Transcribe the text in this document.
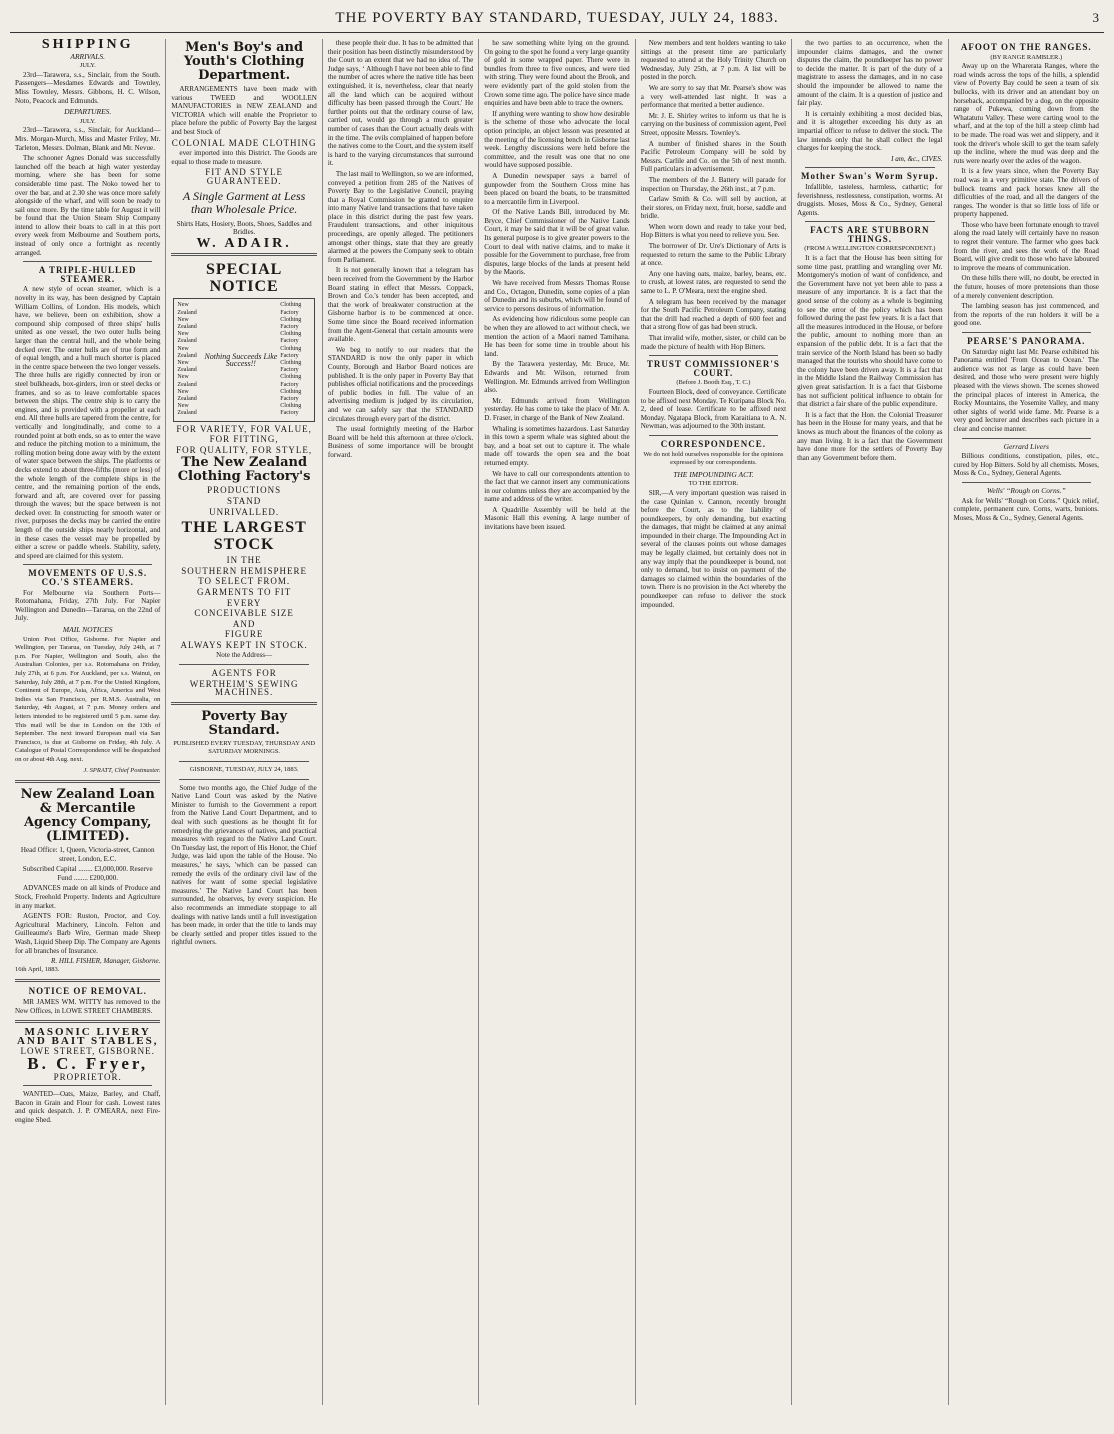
THE POVERTY BAY STANDARD, TUESDAY, JULY 24, 1883.	3
SHIPPING
ARRIVALS.
JULY.

23rd—Tarawera, s.s., Sinclair, from the South. Passengers—Mesdames Edwards and Townley, Miss Townley, Messrs. Gibbons, H. C. Wilson, Noto, Peacock and Edmunds.

DEPARTURES.
JULY.

23rd—Tarawera, s.s., Sinclair, for Auckland—Mrs. Morgan-Murch, Miss and Master Friley, Mr. Tarleton, Messrs. Dolman, Blank and Mr. Nevue.

The schooner Agnes Donald was successfully launched off the beach at high water yesterday morning, where she has been for some considerable time past. The Noko towed her to over the bar, and at 2.30 she was once more safely alongside of the wharf, and will soon be ready to sail once more. By the time table for August it will be found that the Union Steam Ship Company intend to allow their boats to call in at this port every week from Melbourne and Southern ports, instead of only once a fortnight as recently arranged.

A TRIPLE-HULLED STEAMER.

A new style of ocean steamer, which is a novelty in its way, has been designed by Captain William Collins, of London. His models, which have, we believe, been on exhibition, show a compound ship composed of three ships' hulls united as one vessel, the two outer hulls being larger than the central hull, and the whole being decked over. The outer hulls are of true form and of equal length, and a hull much shorter is placed in the centre space between the two longer vessels. The three hulls are rigidly connected by iron or steel bulkheads, box-girders, iron or steel decks or frames, and so as to leave comfortable spaces between the ships. The centre ship is to carry the engines, and is provided with a propeller at each end. All three hulls are tapered from the centre, for vertically and longitudinally, and come to a rounded point at both ends, so as to enter the wave and reduce the pitching motion to a minimum, the rolling motion being done away with by the extent of water space between the ships. The platforms or decks extend to about three-fifths (more or less) of the whole length of the complete ships in the centre, and the remaining portion of the ends, forward and aft, are covered over for passing through the waves; but the space between is not decked over. In constructing for smooth water or river, purposes the decks may be carried the entire length of the outside ships nearly horizontal, and in these cases the vessel may be propelled by either a screw or paddle wheels. Stability, safety, and speed are claimed for this system.

MOVEMENTS OF U.S.S. CO.'S STEAMERS.

For Melbourne via Southern Ports—Rotomahana, Friday, 27th July. For Napier Wellington and Dunedin—Tararua, on the 22nd of July.

MAIL NOTICES

Union Post Office, Gisborne. For Napier and Wellington, per Tararua, on Tuesday, July 24th, at 7 p.m. For Napier, Wellington and South, also the Australian Colonies, per s.s. Rotomahana on Friday, July 27th, at 6 p.m. For Auckland, per s.s. Wainui, on Saturday, July 28th, at 7 p.m. For the United Kingdom, Continent of Europe, Asia, Africa, America and West Indies via San Francisco, per R.M.S. Australia, on Saturday, 4th August, at 7 p.m. Money orders and letters intended to be registered until 5 p.m. same day. This mail will be due in London on the 13th of September. The next inward European mail via San Francisco, is due at Gisborne on Friday, 4th July. A Catalogue of Postal Correspondence will be despatched on or about 4th Aug. next.

J. SPRATT, Chief Postmaster.
New Zealand Loan & Mercantile Agency Company, (LIMITED).

Head Office: 1, Queen, Victoria-street, Cannon street, London, E.C.

Subscribed Capital ........ £3,000,000. Reserve Fund ........ £200,000.

ADVANCES made on all kinds of Produce and Stock, Freehold Property. Indents and Agriculture in any market.

AGENTS FOR: Ruston, Proctor, and Coy. Agricultural Machinery, Lincoln. Felton and Guilleaume's Barb Wire, German made Sheep Wash, Liquid Sheep Dip. The Company are Agents for all branches of Insurance.

R. HILL FISHER, Manager, Gisborne.
16th April, 1883.
NOTICE OF REMOVAL.

MR JAMES WM. WITTY has removed to the New Offices, in LOWE STREET CHAMBERS.

MASONIC LIVERY AND BAIT STABLES,
LOWE STREET, GISBORNE.
B. C. Fryer,
PROPRIETOR.

WANTED—Oats, Maize, Barley, and Chaff, Bacon in Grain and Flour for cash. Lowest rates and quick despatch. J. P. O'MEARA, next Fire-engine Shed.

Men's Boy's and Youth's Clothing Department.

ARRANGEMENTS have been made with various TWEED and WOOLLEN MANUFACTORIES in NEW ZEALAND and VICTORIA which will enable the Proprietor to place before the public of Poverty Bay the largest and best Stock of

COLONIAL MADE CLOTHING

ever imported into this District. The Goods are equal to those made to measure.

FIT AND STYLE GUARANTEED.
A Single Garment at Less than Wholesale Price.

Shirts Hats, Hosiery, Boots, Shoes, Saddles and Bridles.

W. ADAIR.
SPECIAL NOTICE
New Zealand
New Zealand
New Zealand
New Zealand
New Zealand
New Zealand
New Zealand
New Zealand
Nothing Succeeds Like Success!!
Clothing Factory
Clothing Factory
Clothing Factory
Clothing Factory
Clothing Factory
Clothing Factory
Clothing Factory
Clothing Factory
FOR VARIETY, FOR VALUE,
FOR FITTING,
FOR QUALITY, FOR STYLE,
The New Zealand Clothing Factory's
PRODUCTIONS
STAND
UNRIVALLED.
THE LARGEST STOCK
IN THE
SOUTHERN HEMISPHERE
TO SELECT FROM.
GARMENTS TO FIT
EVERY
CONCEIVABLE SIZE
AND
FIGURE
ALWAYS KEPT IN STOCK.
Note the Address—
AGENTS FOR
WERTHEIM'S SEWING MACHINES.
Poverty Bay Standard.
PUBLISHED EVERY TUESDAY, THURSDAY AND SATURDAY MORNINGS.
GISBORNE, TUESDAY, JULY 24, 1883.

Some two months ago, the Chief Judge of the Native Land Court was asked by the Native Minister to furnish to the Government a report from the Native Land Court Department, and to deal with such questions as he thought fit for remedying the grievances of natives, and practical measures with regard to the Native Land Court. On Tuesday last, the report of His Honor, the Chief Judge, was laid upon the table of the House. 'No measures,' he says, 'which can be passed can remedy the evils of the ordinary civil law of the natives for want of some special legislative measures.' The Native Land Court has been surrounded, he observes, by every suspicion. He also recommends an immediate stoppage to all dealings with native lands until a full investigation has been made, in order that the title to lands may be clearly settled and proper titles issued to the rightful owners.

these people their due. It has to be admitted that their position has been distinctly misunderstood by the Court to an extent that we had no idea of. The Judge says, ‘ Although I have not been able to find the number of acres where the native title has been extinguished, it is, nevertheless, clear that nearly all the land which can be acquired without difficulty has been passed through the Court.' He further points out that the ordinary course of law, carried out, would go through a much greater number of cases than the Court actually deals with in the time. The evils complained of happen before the natives come to the Court, and the system itself is hard to the varying circumstances that surround it.

The last mail to Wellington, so we are informed, conveyed a petition from 285 of the Natives of Poverty Bay to the Legislative Council, praying that a Royal Commission be granted to enquire into many Native land transactions that have taken place in this district during the past few years. Fraudulent transactions, and other iniquitous proceedings, are openly alleged. The petitioners amongst other things, state that they are greatly alarmed at the powers the Company seek to obtain from Parliament.

It is not generally known that a telegram has been received from the Government by the Harbor Board stating in effect that Messrs. Coppack, Brown and Co.'s tender has been accepted, and that the work of breakwater construction at the Gisborne harbor is to be commenced at once. Some time since the Board received information from the Agent-General that certain amounts were available.

We beg to notify to our readers that the STANDARD is now the only paper in which County, Borough and Harbor Board notices are published. It is the only paper in Poverty Bay that publishes official notifications and the proceedings of public bodies in full. The value of an advertising medium is judged by its circulation, and we can safely say that the STANDARD circulates through every part of the district.

The usual fortnightly meeting of the Harbor Board will be held this afternoon at three o'clock. Business of some importance will be brought forward.

he saw something white lying on the ground. On going to the spot he found a very large quantity of gold in some wrapped paper. There were in bundles from three to five ounces, and were tied with string. They were found about the Brook, and were evidently part of the gold stolen from the Crown some time ago. The police have since made enquiries and have been able to trace the owners.

If anything were wanting to show how desirable is the scheme of those who advocate the local option principle, an object lesson was presented at the meeting of the licensing bench in Gisborne last week. Lengthy discussions were held before the committee, and the result was one that no one would have supposed possible.

A Dunedin newspaper says a barrel of gunpowder from the Southern Cross mine has been placed on board the boats, to be transmitted to a mercantile firm in Liverpool.

Of the Native Lands Bill, introduced by Mr. Bryce, Chief Commissioner of the Native Lands Court, it may be said that it will be of great value. Its general purpose is to give greater powers to the Court to deal with native claims, and to make it possible for the Government to purchase, free from disputes, large blocks of the lands at present held by the Maoris.

We have received from Messrs Thomas Rouse and Co., Octagon, Dunedin, some copies of a plan of Dunedin and its suburbs, which will be found of service to persons desirous of information.

As evidencing how ridiculous some people can be when they are allowed to act without check, we mention the action of a Maori named Tamihana. He has been for some time in trouble about his land.

By the Tarawera yesterday, Mr. Bruce, Mr. Edwards and Mr. Wilson, returned from Wellington. Mr. Edmunds arrived from Wellington also.

Mr. Edmunds arrived from Wellington yesterday. He has come to take the place of Mr. A. D. Fraser, in charge of the Bank of New Zealand.

Whaling is sometimes hazardous. Last Saturday in this town a sperm whale was sighted about the bay, and a boat set out to capture it. The whale made off towards the open sea and the boat returned empty.

We have to call our correspondents attention to the fact that we cannot insert any communications in our columns unless they are accompanied by the name and address of the writer.

A Quadrille Assembly will be held at the Masonic Hall this evening. A large number of invitations have been issued.

New members and tent holders wanting to take sittings at the present time are particularly requested to attend at the Holy Trinity Church on Wednesday, July 25th, at 7 p.m. A list will be posted in the porch.

We are sorry to say that Mr. Pearse's show was a very well-attended last night. It was a performance that merited a better audience.

Mr. J. E. Shirley writes to inform us that he is carrying on the business of commission agent, Peel Street, opposite Messrs. Townley's.

A number of finished shares in the South Pacific Petroleum Company will be sold by Messrs. Carlile and Co. on the 5th of next month. Full particulars in advertisement.

The members of the J. Battery will parade for inspection on Thursday, the 26th inst., at 7 p.m.

Carlaw Smith & Co. will sell by auction, at their stores, on Friday next, fruit, horse, saddle and bridle.

When worn down and ready to take your bed, Hop Bitters is what you need to relieve you. See.

The borrower of Dr. Ure's Dictionary of Arts is requested to return the same to the Public Library at once.

Any one having oats, maize, barley, beans, etc. to crush, at lowest rates, are requested to send the same to L. P. O'Meara, next the engine shed.

A telegram has been received by the manager for the South Pacific Petroleum Company, stating that the drill had reached a depth of 600 feet and that a strong flow of gas had been struck.

That invalid wife, mother, sister, or child can be made the picture of health with Hop Bitters.

TRUST COMMISSIONER'S COURT.
(Before J. Booth Esq., T. C.)

Fourteen Block, deed of conveyance. Certificate to be affixed next Monday. Te Kuripana Block No. 2, deed of lease. Certificate to be affixed next Monday. Ngatapa Block, from Karaitiana to A. N. Newman, was adjourned to the 30th instant.

CORRESPONDENCE.
We do not hold ourselves responsible for the opinions expressed by our correspondents.
THE IMPOUNDING ACT.
TO THE EDITOR.

SIR,—A very important question was raised in the case Quinlan v. Cannon, recently brought before the Court, as to the liability of poundkeepers, by only demanding, but exacting the damages, that might be claimed at any animal impounded in their charge. The Impounding Act in several of the clauses points out whose damages may be legally claimed, but certainly does not in any way imply that the poundkeeper is bound, not only to demand, but to insist on payment of the damages so claimed within the boundaries of the town. There is no provision in the Act whereby the poundkeeper can refuse to deliver the stock impounded.

the two parties to an occurrence, when the impounder claims damages, and the owner disputes the claim, the poundkeeper has no power to decide the matter. It is part of the duty of a magistrate to assess the damages, and in no case should the impounder be allowed to name the amount of the claim. It is a question of justice and fair play.

It is certainly exhibiting a most decided bias, and it is altogether exceeding his duty as an impartial officer to refuse to deliver the stock. The law intends only that he shall collect the legal charges for keeping the stock.

I am, &c., CIVES.
Mother Swan's Worm Syrup.

Infallible, tasteless, harmless, cathartic; for feverishness, restlessness, constipation, worms. At druggists. Moses, Moss & Co., Sydney, General Agents.

FACTS ARE STUBBORN THINGS.
(FROM A WELLINGTON CORRESPONDENT.)

It is a fact that the House has been sitting for some time past, prattling and wrangling over Mr. Montgomery's motion of want of confidence, and the Government have not yet been able to pass a measure of any importance. It is a fact that the good sense of the colony as a whole is beginning to see the error of the policy which has been followed during the past few years. It is a fact that all the measures introduced in the House, or before the public, amount to nothing more than an expansion of the public debt. It is a fact that the train service of the North Island has been so badly managed that the tourists who should have come to the colony have been driven away. It is a fact that in the Middle Island the Railway Commission has given great satisfaction. It is a fact that Gisborne has not sufficient political influence to obtain for that district a fair share of the public expenditure.

It is a fact that the Hon. the Colonial Treasurer has been in the House for many years, and that he knows as much about the finances of the colony as any man living. It is a fact that the Government have done more for the settlers of Poverty Bay than any Government before them.

AFOOT ON THE RANGES.
(BY RANGE RAMBLER.)

Away up on the Wharerata Ranges, where the road winds across the tops of the hills, a splendid view of Poverty Bay could be seen a team of six bullocks, with its driver and an attendant boy on horseback, accompanied by a dog, on the opposite range of Pukewa, coming down from the Whatatutu Valley. These were carting wool to the wharf, and at the top of the hill a steep climb had to be made. The road was wet and slippery, and it took the driver's whole skill to get the team safely up the incline, where the mud was deep and the ruts were nearly over the axles of the wagon.

It is a few years since, when the Poverty Bay road was in a very primitive state. The drivers of bullock teams and pack horses knew all the difficulties of the road, and all the dangers of the ranges. The wonder is that so little loss of life or property happened.

Those who have been fortunate enough to travel along the road lately will certainly have no reason to regret their venture. The farmer who goes back from the river, and sees the work of the Road Board, will give credit to those who have laboured to improve the means of communication.

On these hills there will, no doubt, be erected in the future, houses of more pretensions than those of a merely convenient description.

The lambing season has just commenced, and from the reports of the run holders it will be a good one.

PEARSE'S PANORAMA.

On Saturday night last Mr. Pearse exhibited his Panorama entitled 'From Ocean to Ocean.' The audience was not as large as could have been desired, and those who were present were highly pleased with the views shown. The scenes showed the principal places of interest in America, the Rocky Mountains, the Yosemite Valley, and many other sights of world wide fame. Mr. Pearse is a very good lecturer and describes each picture in a clear and concise manner.

Gerrard Livers

Billious conditions, constipation, piles, etc., cured by Hop Bitters. Sold by all chemists. Moses, Moss & Co., Sydney, General Agents.

Wells' “Rough on Corns.”

Ask for Wells' “Rough on Corns.” Quick relief, complete, permanent cure. Corns, warts, bunions. Moses, Moss & Co., Sydney, General Agents.
